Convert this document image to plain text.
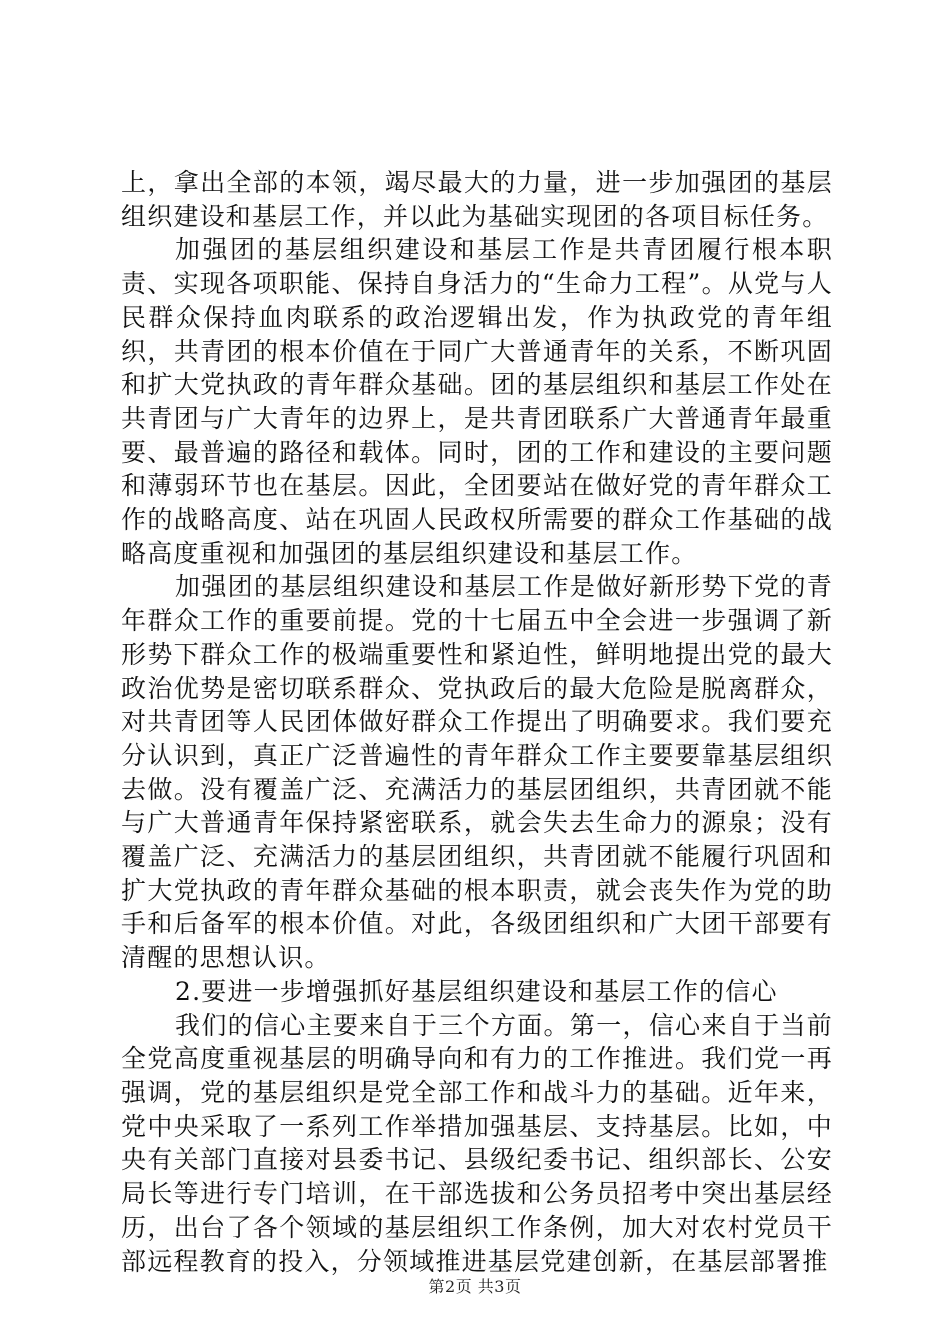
上，拿出全部的本领，竭尽最大的力量，进一步加强团的基层组织建设和基层工作，并以此为基础实现团的各项目标任务。

加强团的基层组织建设和基层工作是共青团履行根本职责、实现各项职能、保持自身活力的“生命力工程”。从党与人民群众保持血肉联系的政治逻辑出发，作为执政党的青年组织，共青团的根本价值在于同广大普通青年的关系，不断巩固和扩大党执政的青年群众基础。团的基层组织和基层工作处在共青团与广大青年的边界上，是共青团联系广大普通青年最重要、最普遍的路径和载体。同时，团的工作和建设的主要问题和薄弱环节也在基层。因此，全团要站在做好党的青年群众工作的战略高度、站在巩固人民政权所需要的群众工作基础的战略高度重视和加强团的基层组织建设和基层工作。

加强团的基层组织建设和基层工作是做好新形势下党的青年群众工作的重要前提。党的十七届五中全会进一步强调了新形势下群众工作的极端重要性和紧迫性，鲜明地提出党的最大政治优势是密切联系群众、党执政后的最大危险是脱离群众，对共青团等人民团体做好群众工作提出了明确要求。我们要充分认识到，真正广泛普遍性的青年群众工作主要要靠基层组织去做。没有覆盖广泛、充满活力的基层团组织，共青团就不能与广大普通青年保持紧密联系，就会失去生命力的源泉；没有覆盖广泛、充满活力的基层团组织，共青团就不能履行巩固和扩大党执政的青年群众基础的根本职责，就会丧失作为党的助手和后备军的根本价值。对此，各级团组织和广大团干部要有清醒的思想认识。

2.要进一步增强抓好基层组织建设和基层工作的信心

我们的信心主要来自于三个方面。第一，信心来自于当前全党高度重视基层的明确导向和有力的工作推进。我们党一再强调，党的基层组织是党全部工作和战斗力的基础。近年来，党中央采取了一系列工作举措加强基层、支持基层。比如，中央有关部门直接对县委书记、县级纪委书记、组织部长、公安局长等进行专门培训，在干部选拔和公务员招考中突出基层经历，出台了各个领域的基层组织工作条例，加大对农村党员干部远程教育的投入，分领域推进基层党建创新，在基层部署推

第2页 共3页
